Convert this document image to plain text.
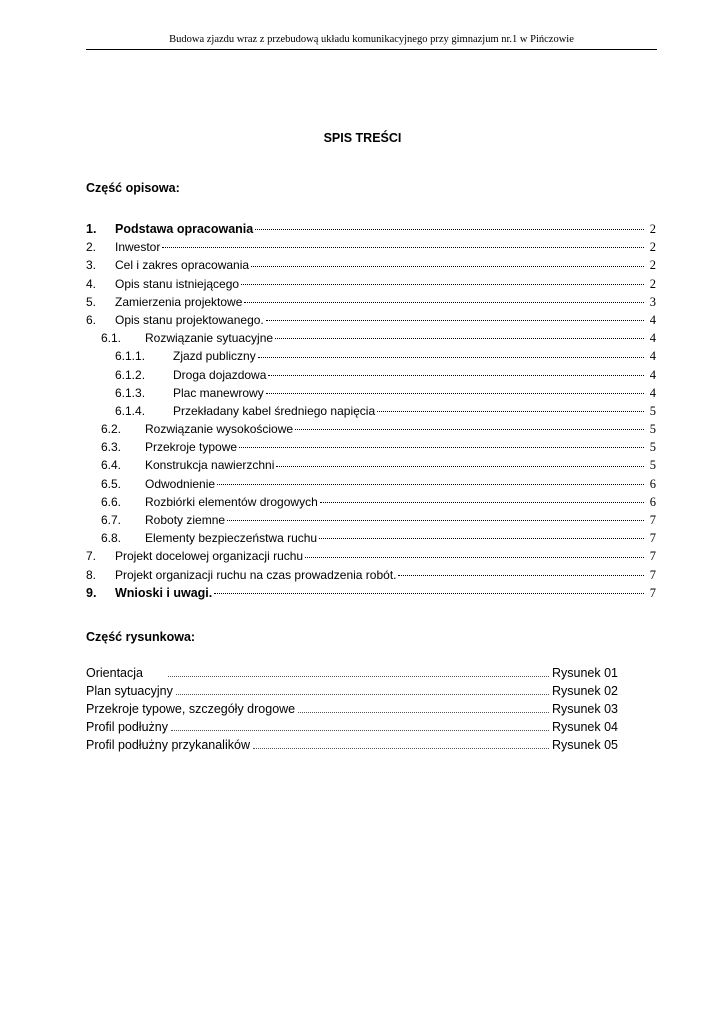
Budowa zjazdu wraz z przebudową układu komunikacyjnego przy gimnazjum nr.1 w Pińczowie
SPIS TREŚCI
Część opisowa:
1.	Podstawa opracowania	2
2.	Inwestor	2
3.	Cel i zakres opracowania	2
4.	Opis stanu istniejącego	2
5.	Zamierzenia projektowe	3
6.	Opis stanu projektowanego.	4
6.1.	Rozwiązanie sytuacyjne	4
6.1.1.	Zjazd publiczny	4
6.1.2.	Droga dojazdowa	4
6.1.3.	Plac manewrowy	4
6.1.4.	Przekładany kabel średniego napięcia	5
6.2.	Rozwiązanie wysokościowe	5
6.3.	Przekroje typowe	5
6.4.	Konstrukcja nawierzchni	5
6.5.	Odwodnienie	6
6.6.	Rozbiórki elementów drogowych	6
6.7.	Roboty ziemne	7
6.8.	Elementy bezpieczeństwa ruchu	7
7.	Projekt docelowej organizacji ruchu	7
8.	Projekt organizacji ruchu na czas prowadzenia robót.	7
9.	Wnioski i uwagi.	7
Część rysunkowa:
Orientacja	Rysunek 01
Plan sytuacyjny	Rysunek 02
Przekroje typowe, szczegóły drogowe	Rysunek 03
Profil podłużny	Rysunek 04
Profil podłużny przykanalików	Rysunek 05
